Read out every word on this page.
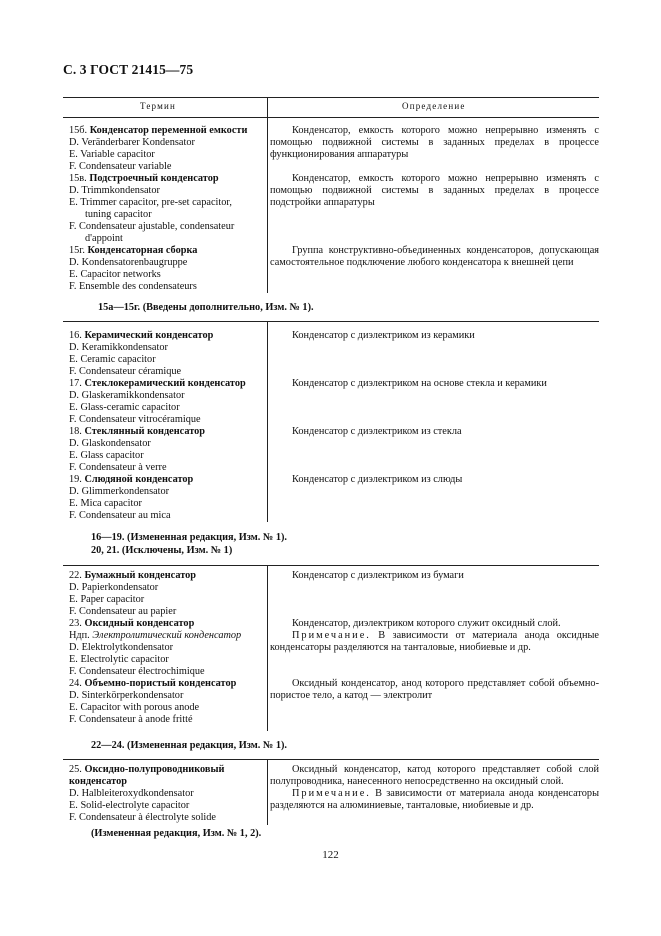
С. 3 ГОСТ 21415—75
Термин	Определение
15б. Конденсатор переменной емкости
D. Veränderbarer Kondensator
E. Variable capacitor
F. Condensateur variable

Конденсатор, емкость которого можно непрерывно изменять с помощью подвижной системы в заданных пределах в процессе функционирования аппаратуры

15в. Подстроечный конденсатор
D. Trimmkondensator
E. Trimmer capacitor, pre-set capacitor,
tuning capacitor
F. Condensateur ajustable, condensateur
d'appoint

Конденсатор, емкость которого можно непрерывно изменять с помощью подвижной системы в заданных пределах в процессе подстройки аппаратуры

15г. Конденсаторная сборка
D. Kondensatorenbaugruppe
E. Capacitor networks
F. Ensemble des condensateurs

Группа конструктивно-объединенных конденсаторов, допускающая самостоятельное подключение любого конденсатора к внешней цепи

15а—15г. (Введены дополнительно, Изм. № 1).
16. Керамический конденсатор
D. Keramikkondensator
E. Ceramic capacitor
F. Condensateur céramique

Конденсатор с диэлектриком из керамики

17. Стеклокерамический конденсатор
D. Glaskeramikkondensator
E. Glass-ceramic capacitor
F. Condensateur vitrocéramique

Конденсатор с диэлектриком на основе стекла и керамики

18. Стеклянный конденсатор
D. Glaskondensator
E. Glass capacitor
F. Condensateur à verre

Конденсатор с диэлектриком из стекла

19. Слюдяной конденсатор
D. Glimmerkondensator
E. Mica capacitor
F. Condensateur au mica

Конденсатор с диэлектриком из слюды

16—19. (Измененная редакция, Изм. № 1).
20, 21. (Исключены, Изм. № 1)
22. Бумажный конденсатор
D. Papierkondensator
E. Paper capacitor
F. Condensateur au papier

Конденсатор с диэлектриком из бумаги

23. Оксидный конденсатор
Ндп. Электролитический конденсатор
D. Elektrolytkondensator
E. Electrolytic capacitor
F. Condensateur électrochimique

Конденсатор, диэлектриком которого служит оксидный слой.

Примечание. В зависимости от материала анода оксидные конденсаторы разделяются на танталовые, ниобиевые и др.

24. Объемно-пористый конденсатор
D. Sinterkörperkondensator
E. Capacitor with porous anode
F. Condensateur à anode fritté

Оксидный конденсатор, анод которого представляет собой объемно-пористое тело, а катод — электролит

22—24. (Измененная редакция, Изм. № 1).
25. Оксидно-полупроводниковый конденсатор
D. Halbleiteroxydkondensator
E. Solid-electrolyte capacitor
F. Condensateur à électrolyte solide

Оксидный конденсатор, катод которого представляет собой слой полупроводника, нанесенного непосредственно на оксидный слой.

Примечание. В зависимости от материала анода конденсаторы разделяются на алюминиевые, танталовые, ниобиевые и др.

(Измененная редакция, Изм. № 1, 2).
122
